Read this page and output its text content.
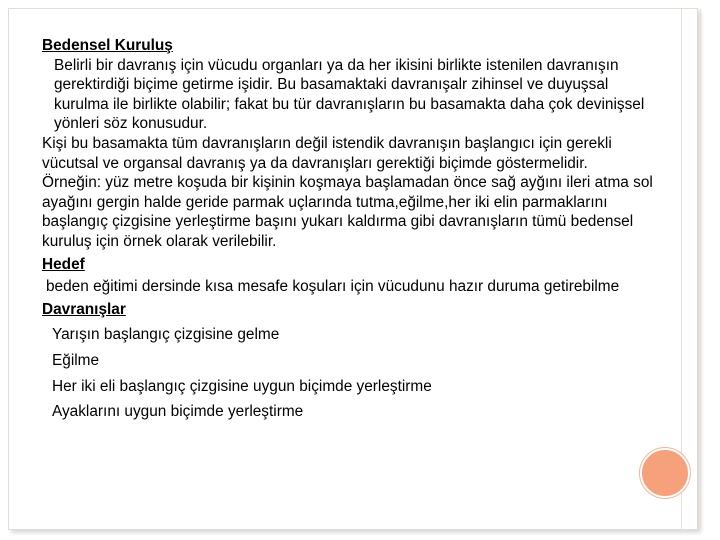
Bedensel Kuruluş

Belirli bir davranış için vücudu organları ya da her ikisini birlikte istenilen davranışın gerektirdiği biçime getirme işidir. Bu basamaktaki davranışalr zihinsel ve duyuşsal kurulma ile birlikte olabilir; fakat bu tür davranışların bu basamakta daha çok devinişsel yönleri söz konusudur.

Kişi bu basamakta tüm davranışların değil istendik davranışın başlangıcı için gerekli vücutsal ve organsal davranış ya da davranışları gerektiği biçimde göstermelidir.

Örneğin: yüz metre koşuda bir kişinin koşmaya başlamadan önce sağ ayğını ileri atma sol ayağını gergin halde geride parmak uçlarında tutma,eğilme,her iki elin parmaklarını başlangıç çizgisine yerleştirme başını yukarı kaldırma gibi davranışların tümü bedensel kuruluş için örnek olarak verilebilir.

Hedef

beden eğitimi dersinde kısa mesafe koşuları için vücudunu hazır duruma getirebilme

Davranışlar

Yarışın başlangıç çizgisine gelme

Eğilme

Her iki eli başlangıç çizgisine uygun biçimde yerleştirme

Ayaklarını uygun biçimde yerleştirme
